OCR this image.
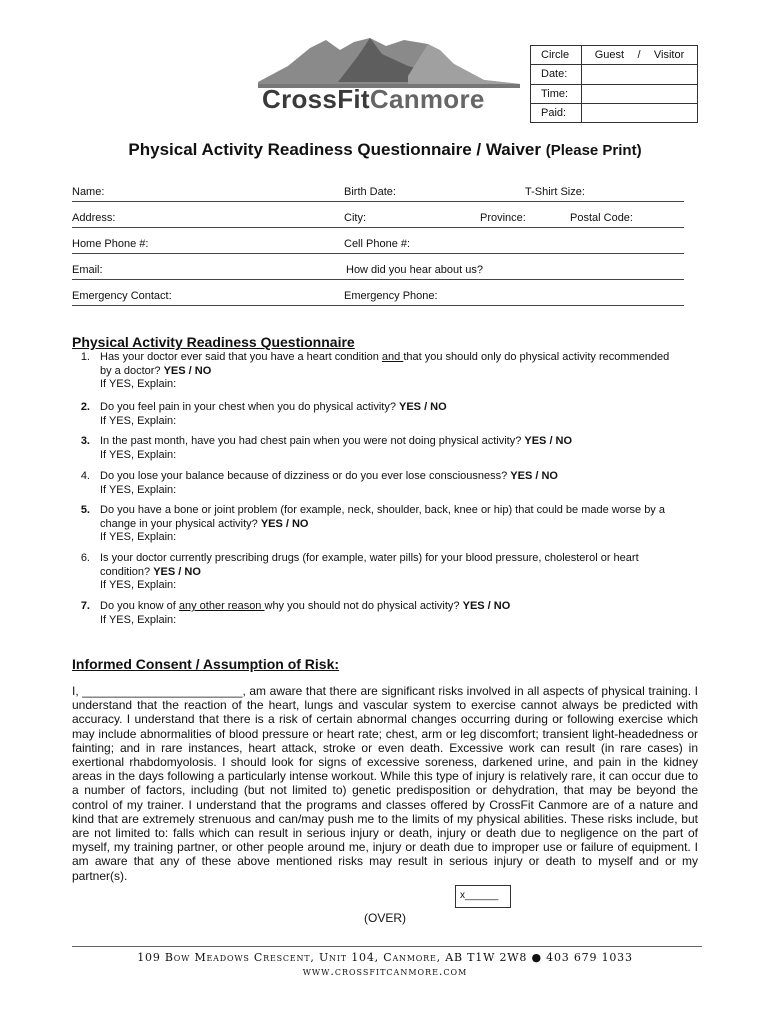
CrossFitCanmore
Circle	Guest / Visitor

Date:	
Time:	
Paid:	
Physical Activity Readiness Questionnaire / Waiver (Please Print)
Name:	Birth Date:	T-Shirt Size:
Address:	City:	Province:	Postal Code:
Home Phone #:	Cell Phone #:
Email:	How did you hear about us?
Emergency Contact:	Emergency Phone:
Physical Activity Readiness Questionnaire
1. Has your doctor ever said that you have a heart condition and that you should only do physical activity recommended
by a doctor? YES / NO
If YES, Explain:
2. Do you feel pain in your chest when you do physical activity? YES / NO
If YES, Explain:
3. In the past month, have you had chest pain when you were not doing physical activity? YES / NO
If YES, Explain:
4. Do you lose your balance because of dizziness or do you ever lose consciousness? YES / NO
If YES, Explain:
5. Do you have a bone or joint problem (for example, neck, shoulder, back, knee or hip) that could be made worse by a
change in your physical activity? YES / NO
If YES, Explain:
6. Is your doctor currently prescribing drugs (for example, water pills) for your blood pressure, cholesterol or heart
condition? YES / NO
If YES, Explain:
7. Do you know of any other reason why you should not do physical activity? YES / NO
If YES, Explain:
Informed Consent / Assumption of Risk:
I, ________________________, am aware that there are significant risks involved in all aspects of physical training. I understand that the reaction of the heart, lungs and vascular system to exercise cannot always be predicted with accuracy. I understand that there is a risk of certain abnormal changes occurring during or following exercise which may include abnormalities of blood pressure or heart rate; chest, arm or leg discomfort; transient light-headedness or fainting; and in rare instances, heart attack, stroke or even death. Excessive work can result (in rare cases) in exertional rhabdomyolosis. I should look for signs of excessive soreness, darkened urine, and pain in the kidney areas in the days following a particularly intense workout. While this type of injury is relatively rare, it can occur due to a number of factors, including (but not limited to) genetic predisposition or dehydration, that may be beyond the control of my trainer. I understand that the programs and classes offered by CrossFit Canmore are of a nature and kind that are extremely strenuous and can/may push me to the limits of my physical abilities. These risks include, but are not limited to: falls which can result in serious injury or death, injury or death due to negligence on the part of myself, my training partner, or other people around me, injury or death due to improper use or failure of equipment. I am aware that any of these above mentioned risks may result in serious injury or death to myself and or my partner(s).
x______
(OVER)
109 Bow Meadows Crescent, Unit 104, Canmore, AB T1W 2W8 ● 403 679 1033
www.crossfitcanmore.com
